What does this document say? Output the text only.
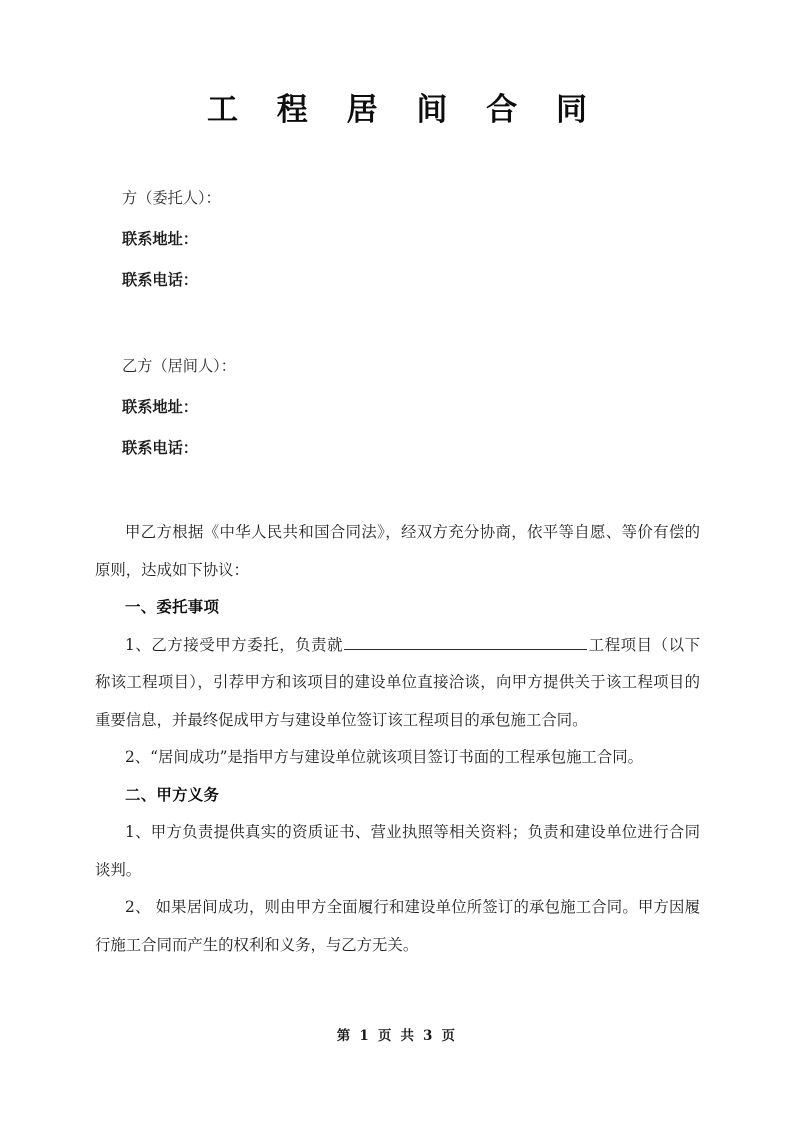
工 程 居 间 合 同
方（委托人）：
联系地址：
联系电话：
乙方（居间人）：
联系地址：
联系电话：

甲乙方根据《中华人民共和国合同法》，经双方充分协商，依平等自愿、等价有偿的原则，达成如下协议：

一、委托事项

1、乙方接受甲方委托，负责就	工程项目（以下称该工程项目），引荐甲方和该项目的建设单位直接洽谈，向甲方提供关于该工程项目的重要信息，并最终促成甲方与建设单位签订该工程项目的承包施工合同。

2、“居间成功”是指甲方与建设单位就该项目签订书面的工程承包施工合同。

二、甲方义务

1、甲方负责提供真实的资质证书、营业执照等相关资料；负责和建设单位进行合同谈判。

2、 如果居间成功，则由甲方全面履行和建设单位所签订的承包施工合同。甲方因履行施工合同而产生的权利和义务，与乙方无关。

第 1 页 共 3 页
